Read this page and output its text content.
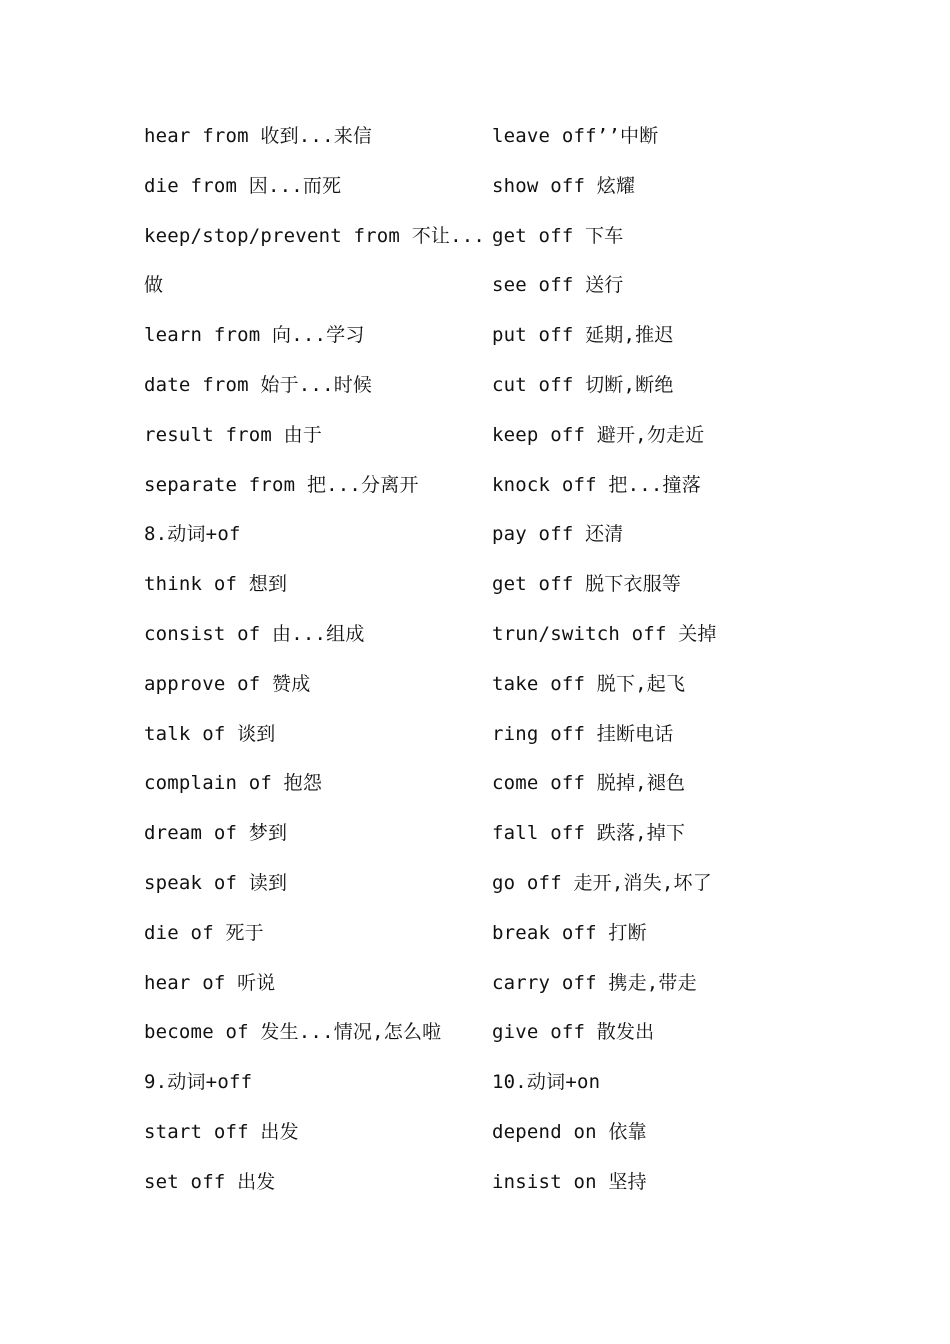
hear from 收到...来信
die from 因...而死
keep/stop/prevent from 不让...
做
learn from 向...学习
date from 始于...时候
result from 由于
separate from 把...分离开
8.动词+of
think of 想到
consist of 由...组成
approve of 赞成
talk of 谈到
complain of 抱怨
dream of 梦到
speak of 读到
die of 死于
hear of 听说
become of 发生...情况,怎么啦
9.动词+off
start off 出发
set off 出发
leave off’’中断
show off 炫耀
get off 下车
see off 送行
put off 延期,推迟
cut off 切断,断绝
keep off 避开,勿走近
knock off 把...撞落
pay off 还清
get off 脱下衣服等
trun/switch off 关掉
take off 脱下,起飞
ring off 挂断电话
come off 脱掉,褪色
fall off 跌落,掉下
go off 走开,消失,坏了
break off 打断
carry off 携走,带走
give off 散发出
10.动词+on
depend on 依靠
insist on 坚持
